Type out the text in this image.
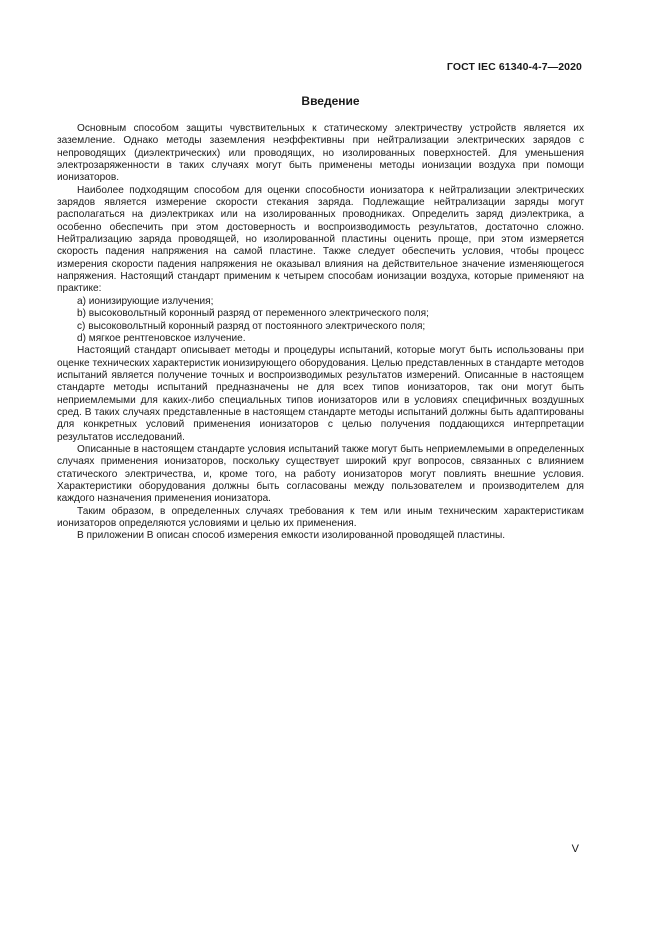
ГОСТ IEC 61340-4-7—2020
Введение

Основным способом защиты чувствительных к статическому электричеству устройств является их заземление. Однако методы заземления неэффективны при нейтрализации электрических зарядов с непроводящих (диэлектрических) или проводящих, но изолированных поверхностей. Для уменьшения электрозаряженности в таких случаях могут быть применены методы ионизации воздуха при помощи ионизаторов.

Наиболее подходящим способом для оценки способности ионизатора к нейтрализации электрических зарядов является измерение скорости стекания заряда. Подлежащие нейтрализации заряды могут располагаться на диэлектриках или на изолированных проводниках. Определить заряд диэлектрика, а особенно обеспечить при этом достоверность и воспроизводимость результатов, достаточно сложно. Нейтрализацию заряда проводящей, но изолированной пластины оценить проще, при этом измеряется скорость падения напряжения на самой пластине. Также следует обеспечить условия, чтобы процесс измерения скорости падения напряжения не оказывал влияния на действительное значение изменяющегося напряжения. Настоящий стандарт применим к четырем способам ионизации воздуха, которые применяют на практике:

a) ионизирующие излучения;

b) высоковольтный коронный разряд от переменного электрического поля;

c) высоковольтный коронный разряд от постоянного электрического поля;

d) мягкое рентгеновское излучение.

Настоящий стандарт описывает методы и процедуры испытаний, которые могут быть использованы при оценке технических характеристик ионизирующего оборудования. Целью представленных в стандарте методов испытаний является получение точных и воспроизводимых результатов измерений. Описанные в настоящем стандарте методы испытаний предназначены не для всех типов ионизаторов, так они могут быть неприемлемыми для каких-либо специальных типов ионизаторов или в условиях специфичных воздушных сред. В таких случаях представленные в настоящем стандарте методы испытаний должны быть адаптированы для конкретных условий применения ионизаторов с целью получения поддающихся интерпретации результатов исследований.

Описанные в настоящем стандарте условия испытаний также могут быть неприемлемыми в определенных случаях применения ионизаторов, поскольку существует широкий круг вопросов, связанных с влиянием статического электричества, и, кроме того, на работу ионизаторов могут повлиять внешние условия. Характеристики оборудования должны быть согласованы между пользователем и производителем для каждого назначения применения ионизатора.

Таким образом, в определенных случаях требования к тем или иным техническим характеристикам ионизаторов определяются условиями и целью их применения.

В приложении В описан способ измерения емкости изолированной проводящей пластины.

V
